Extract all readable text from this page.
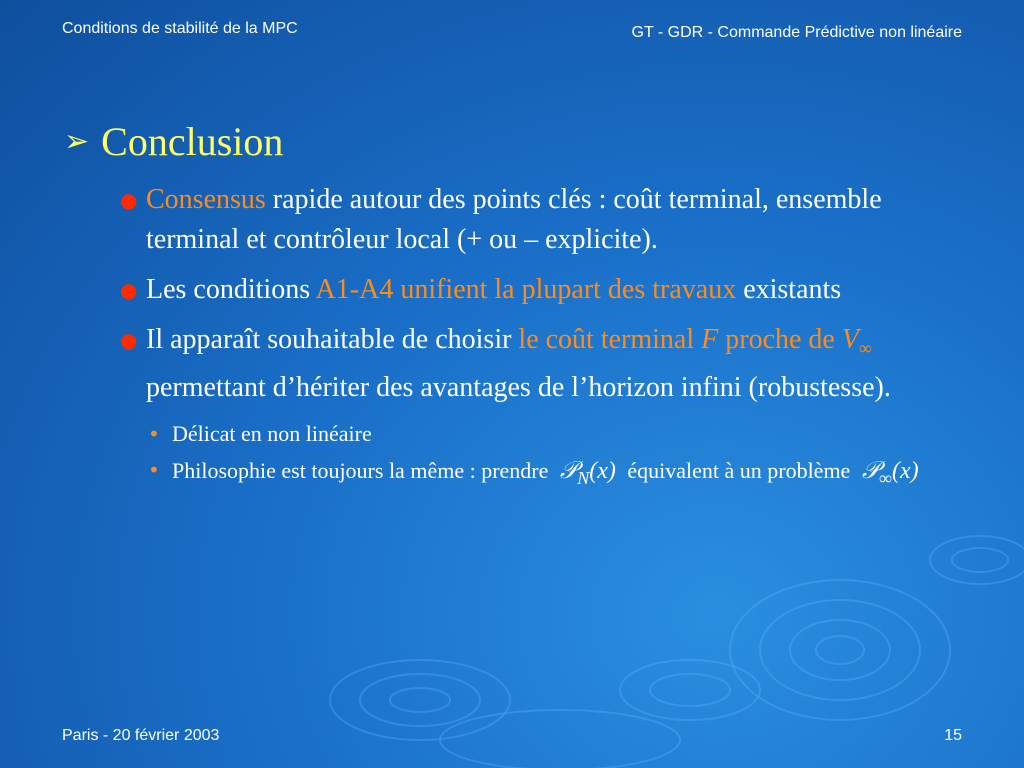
Conditions de stabilité de la MPC	GT - GDR - Commande Prédictive non linéaire
➢ Conclusion
● Consensus rapide autour des points clés : coût terminal, ensemble terminal et contrôleur local (+ ou – explicite).
● Les conditions A1-A4 unifient la plupart des travaux existants
● Il apparaît souhaitable de choisir le coût terminal F proche de $V_\infty$ permettant d’hériter des avantages de l’horizon infini (robustesse).
• Délicat en non linéaire
• Philosophie est toujours la même : prendre 𝒫$_N$(x) équivalent à un problème 𝒫$_\infty$(x)
Paris - 20 février 2003	15
